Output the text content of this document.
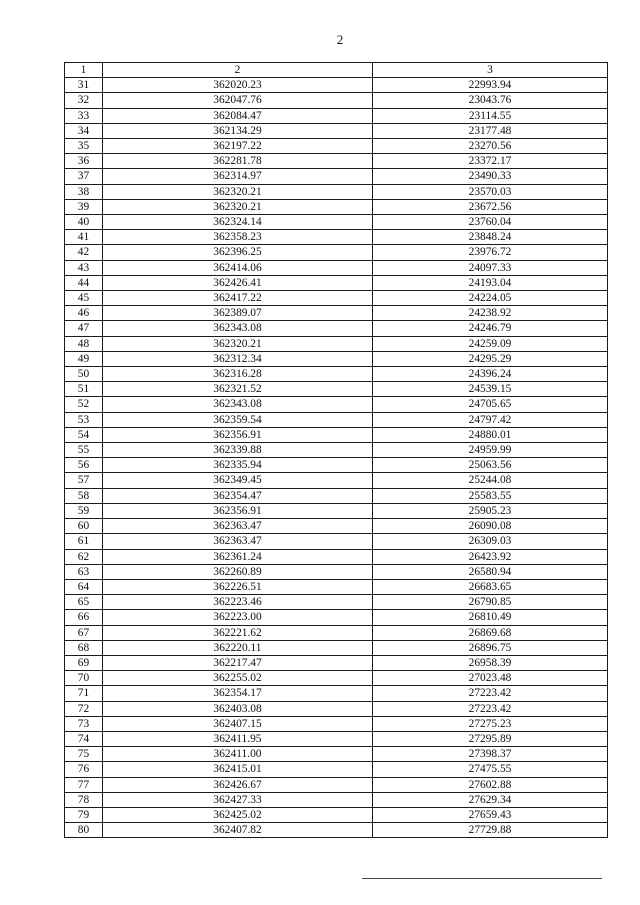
2
1	2	3
31	362020.23	22993.94
32	362047.76	23043.76
33	362084.47	23114.55
34	362134.29	23177.48
35	362197.22	23270.56
36	362281.78	23372.17
37	362314.97	23490.33
38	362320.21	23570.03
39	362320.21	23672.56
40	362324.14	23760.04
41	362358.23	23848.24
42	362396.25	23976.72
43	362414.06	24097.33
44	362426.41	24193.04
45	362417.22	24224.05
46	362389.07	24238.92
47	362343.08	24246.79
48	362320.21	24259.09
49	362312.34	24295.29
50	362316.28	24396.24
51	362321.52	24539.15
52	362343.08	24705.65
53	362359.54	24797.42
54	362356.91	24880.01
55	362339.88	24959.99
56	362335.94	25063.56
57	362349.45	25244.08
58	362354.47	25583.55
59	362356.91	25905.23
60	362363.47	26090.08
61	362363.47	26309.03
62	362361.24	26423.92
63	362260.89	26580.94
64	362226.51	26683.65
65	362223.46	26790.85
66	362223.00	26810.49
67	362221.62	26869.68
68	362220.11	26896.75
69	362217.47	26958.39
70	362255.02	27023.48
71	362354.17	27223.42
72	362403.08	27223.42
73	362407.15	27275.23
74	362411.95	27295.89
75	362411.00	27398.37
76	362415.01	27475.55
77	362426.67	27602.88
78	362427.33	27629.34
79	362425.02	27659.43
80	362407.82	27729.88
